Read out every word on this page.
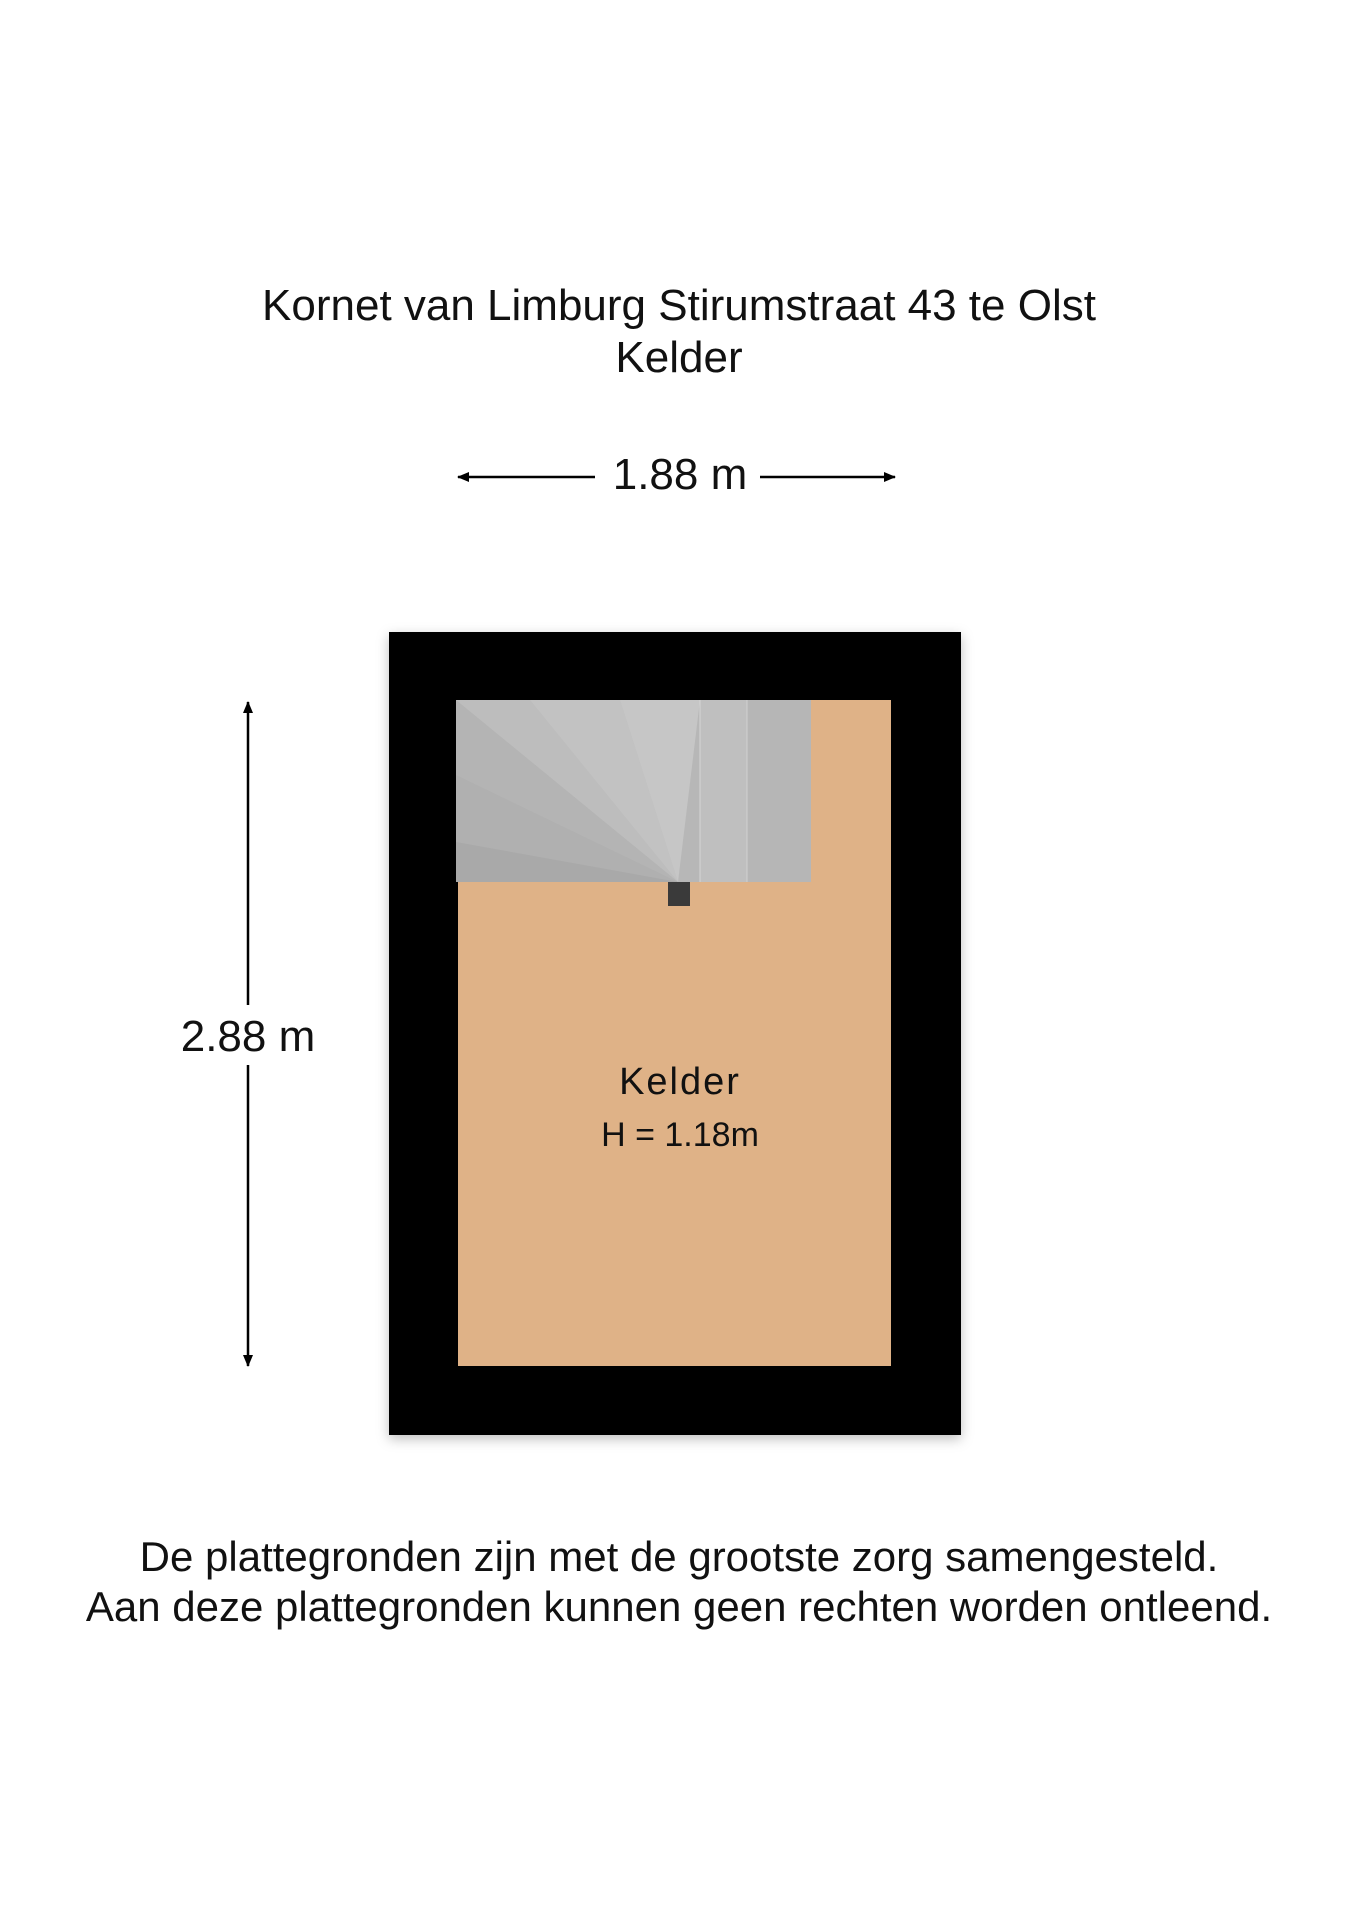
Kornet van Limburg Stirumstraat 43 te Olst
Kelder
1.88 m
2.88 m
Kelder
H = 1.18m
De plattegronden zijn met de grootste zorg samengesteld.
Aan deze plattegronden kunnen geen rechten worden ontleend.
